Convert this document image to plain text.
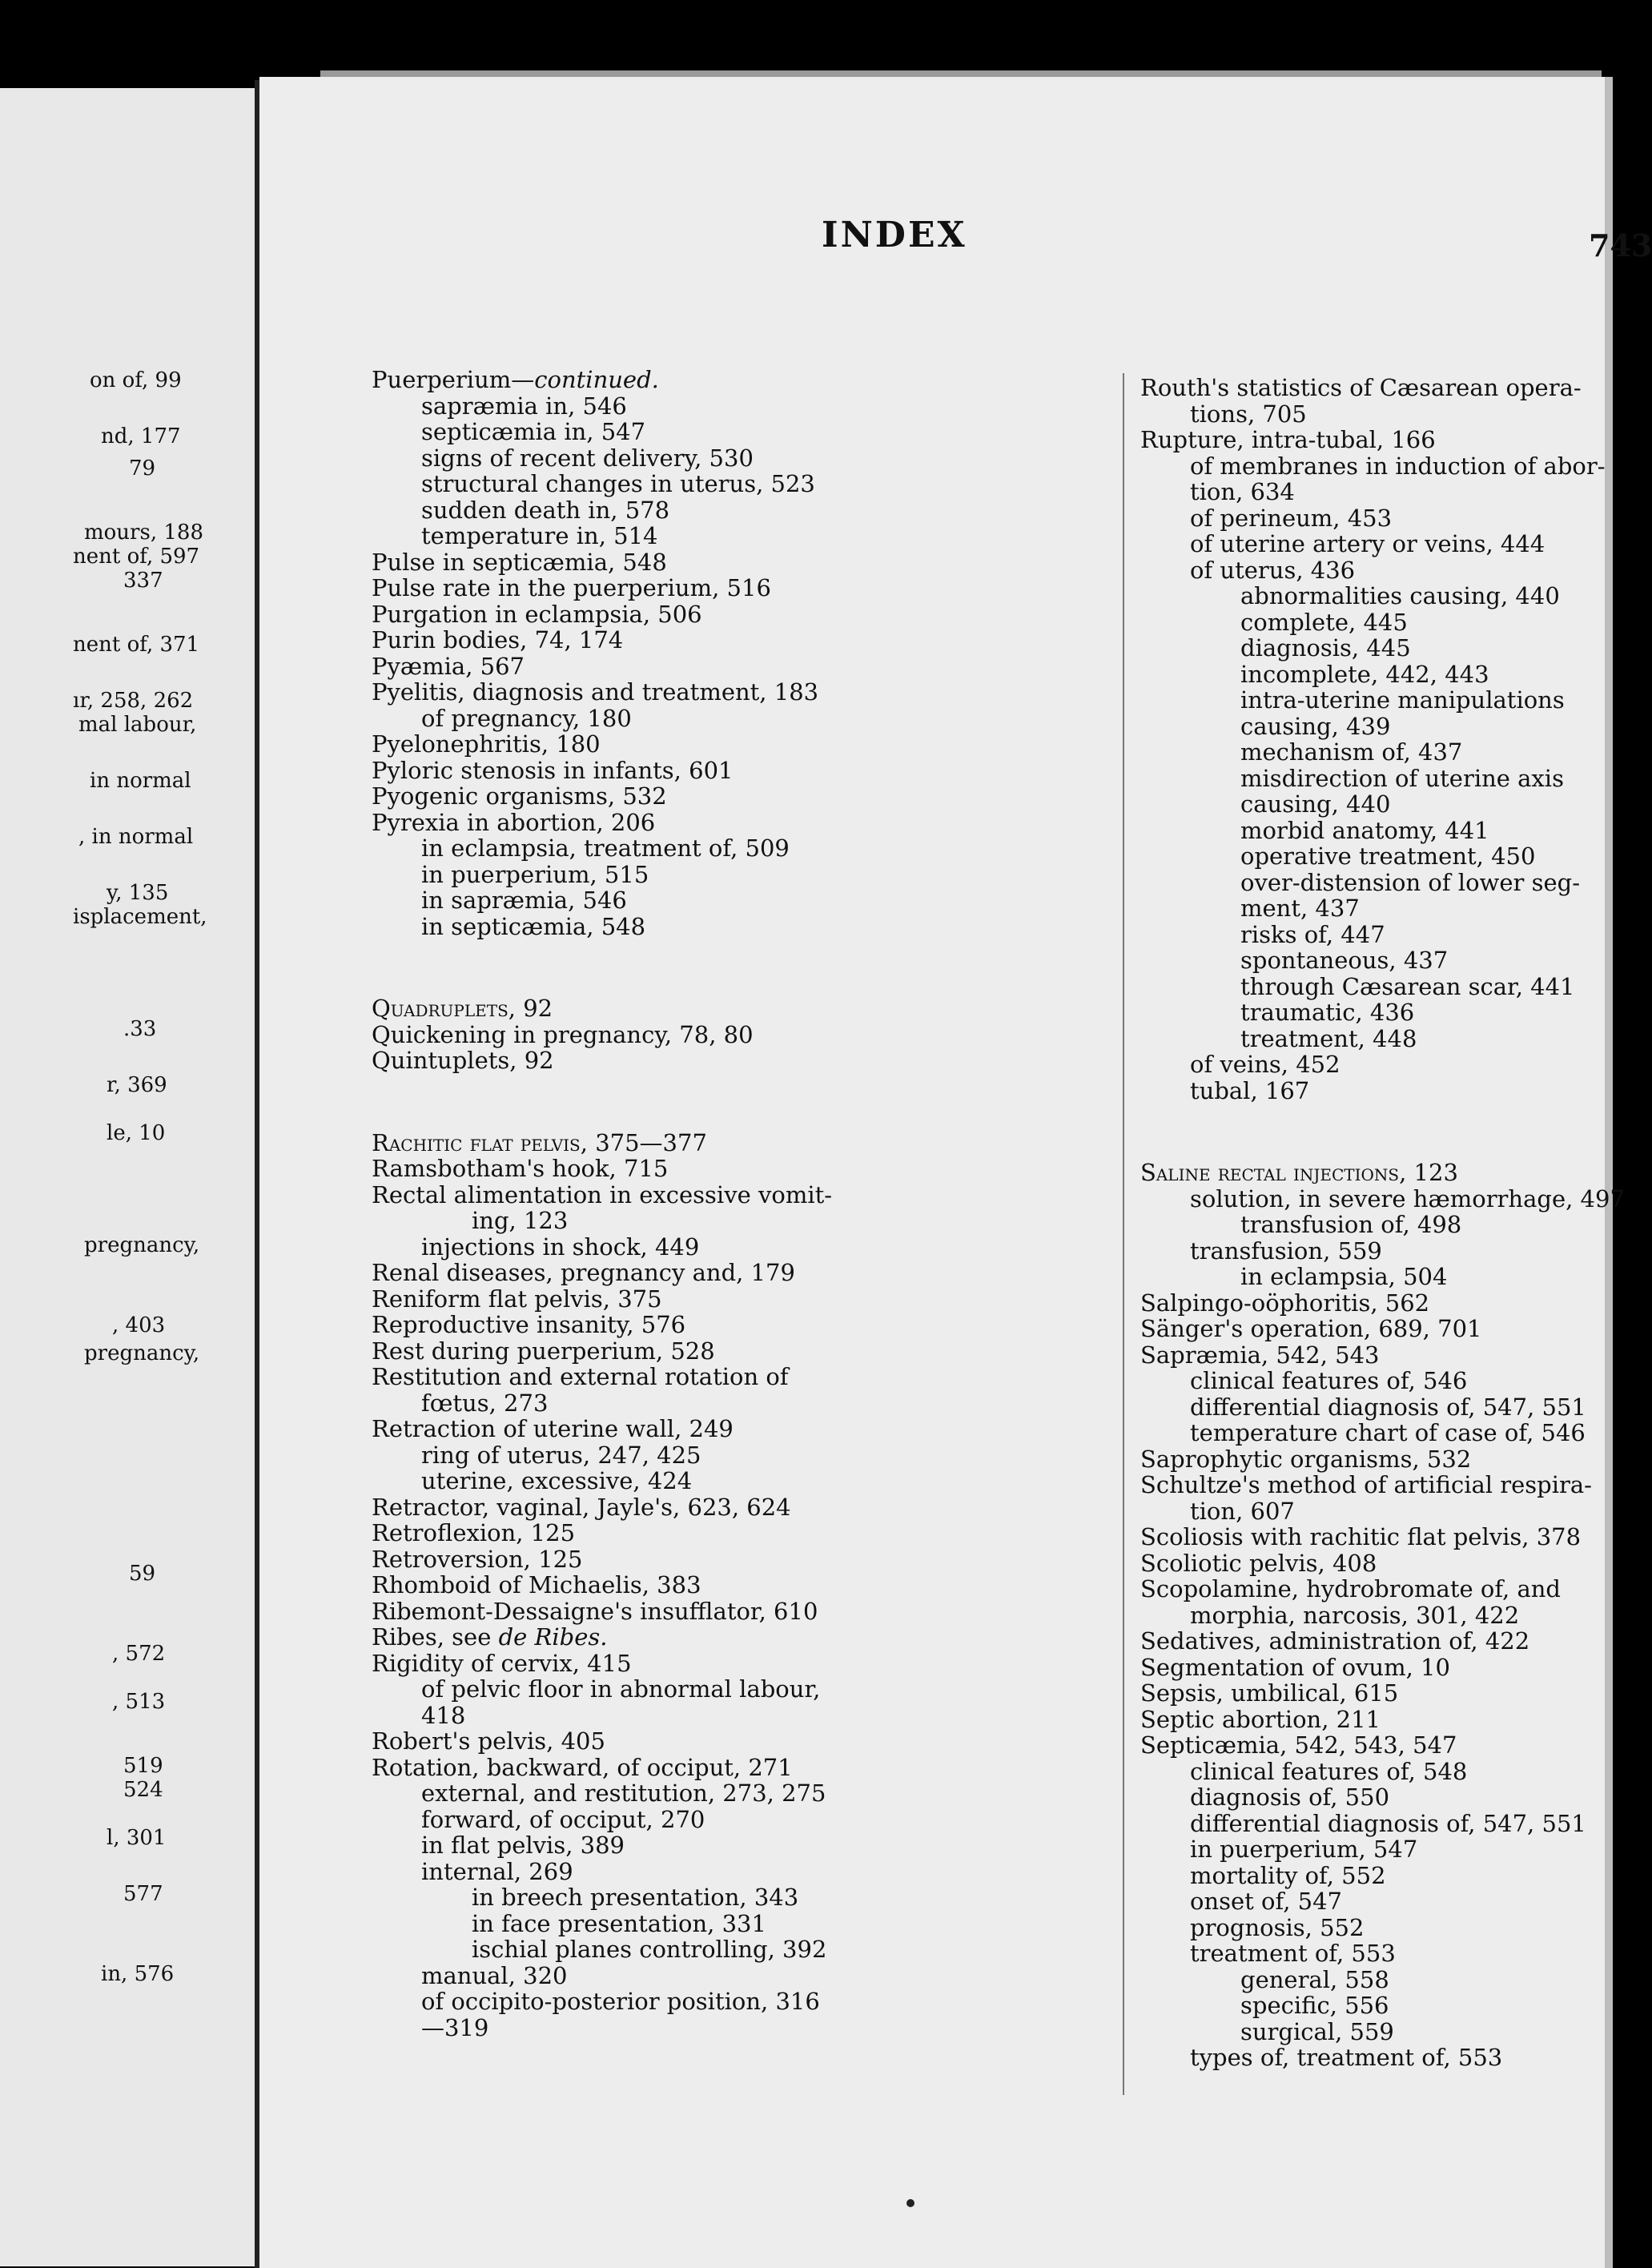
on of, 99
nd, 177
79
mours, 188
nent of, 597
337
nent of, 371
ır, 258, 262
mal labour,
in normal
, in normal
y, 135
isplacement,
.33
r, 369
le, 10
pregnancy,
, 403
pregnancy,
59
, 572
, 513
519
524
l, 301
577
in, 576
INDEX	743
Puerperium—continued.
sapræmia in, 546
septicæmia in, 547
signs of recent delivery, 530
structural changes in uterus, 523
sudden death in, 578
temperature in, 514
Pulse in septicæmia, 548
Pulse rate in the puerperium, 516
Purgation in eclampsia, 506
Purin bodies, 74, 174
Pyæmia, 567
Pyelitis, diagnosis and treatment, 183
of pregnancy, 180
Pyelonephritis, 180
Pyloric stenosis in infants, 601
Pyogenic organisms, 532
Pyrexia in abortion, 206
in eclampsia, treatment of, 509
in puerperium, 515
in sapræmia, 546
in septicæmia, 548
Quadruplets, 92
Quickening in pregnancy, 78, 80
Quintuplets, 92
Rachitic flat pelvis, 375—377
Ramsbotham's hook, 715
Rectal alimentation in excessive vomit-
ing, 123
injections in shock, 449
Renal diseases, pregnancy and, 179
Reniform flat pelvis, 375
Reproductive insanity, 576
Rest during puerperium, 528
Restitution and external rotation of
fœtus, 273
Retraction of uterine wall, 249
ring of uterus, 247, 425
uterine, excessive, 424
Retractor, vaginal, Jayle's, 623, 624
Retroflexion, 125
Retroversion, 125
Rhomboid of Michaelis, 383
Ribemont-Dessaigne's insufflator, 610
Ribes, see de Ribes.
Rigidity of cervix, 415
of pelvic floor in abnormal labour,
418
Robert's pelvis, 405
Rotation, backward, of occiput, 271
external, and restitution, 273, 275
forward, of occiput, 270
in flat pelvis, 389
internal, 269
in breech presentation, 343
in face presentation, 331
ischial planes controlling, 392
manual, 320
of occipito-posterior position, 316
—319
Routh's statistics of Cæsarean opera-
tions, 705
Rupture, intra-tubal, 166
of membranes in induction of abor-
tion, 634
of perineum, 453
of uterine artery or veins, 444
of uterus, 436
abnormalities causing, 440
complete, 445
diagnosis, 445
incomplete, 442, 443
intra-uterine manipulations
causing, 439
mechanism of, 437
misdirection of uterine axis
causing, 440
morbid anatomy, 441
operative treatment, 450
over-distension of lower seg-
ment, 437
risks of, 447
spontaneous, 437
through Cæsarean scar, 441
traumatic, 436
treatment, 448
of veins, 452
tubal, 167
Saline rectal injections, 123
solution, in severe hæmorrhage, 497
transfusion of, 498
transfusion, 559
in eclampsia, 504
Salpingo-oöphoritis, 562
Sänger's operation, 689, 701
Sapræmia, 542, 543
clinical features of, 546
differential diagnosis of, 547, 551
temperature chart of case of, 546
Saprophytic organisms, 532
Schultze's method of artificial respira-
tion, 607
Scoliosis with rachitic flat pelvis, 378
Scoliotic pelvis, 408
Scopolamine, hydrobromate of, and
morphia, narcosis, 301, 422
Sedatives, administration of, 422
Segmentation of ovum, 10
Sepsis, umbilical, 615
Septic abortion, 211
Septicæmia, 542, 543, 547
clinical features of, 548
diagnosis of, 550
differential diagnosis of, 547, 551
in puerperium, 547
mortality of, 552
onset of, 547
prognosis, 552
treatment of, 553
general, 558
specific, 556
surgical, 559
types of, treatment of, 553
